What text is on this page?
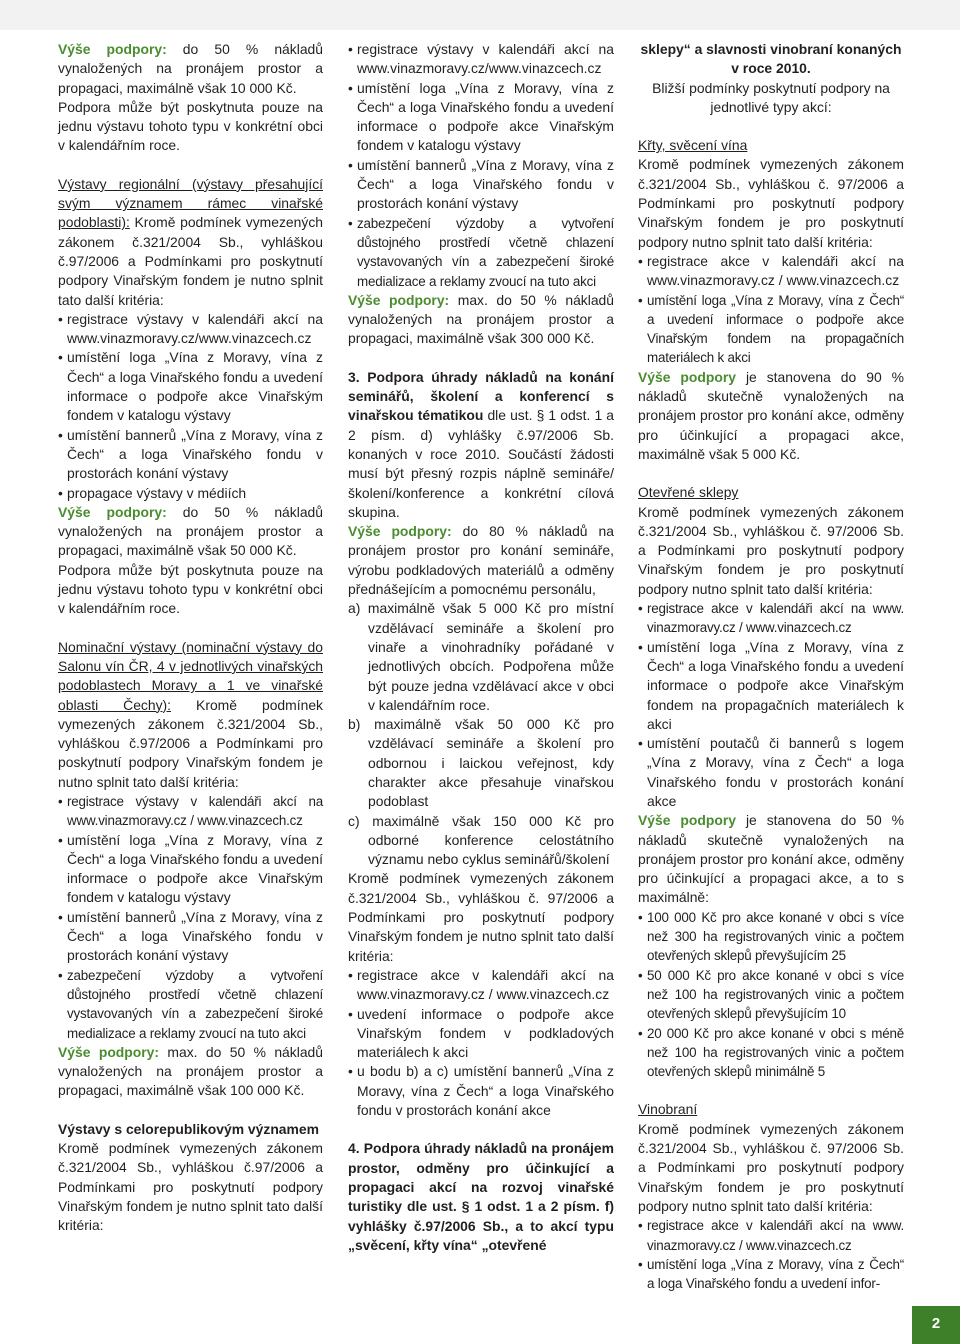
Výše podpory: do 50 % nákladů vynaložených na pronájem prostor a propagaci, maximálně však 10 000 Kč.

Podpora může být poskytnuta pouze na jednu výstavu tohoto typu v konkrétní obci v kalendářním roce.

Výstavy regionální (výstavy přesahující svým významem rámec vinařské podoblasti): Kromě podmínek vymezených zákonem č.321/2004 Sb., vyhláškou č.97/2006 a Podmínkami pro poskytnutí podpory Vinařským fondem je nutno splnit tato další kritéria:

• registrace výstavy v kalendáři akcí na www.vinazmoravy.cz/www.vinazcech.cz

• umístění loga „Vína z Moravy, vína z Čech“ a loga Vinařského fondu a uvedení informace o podpoře akce Vinařským fondem v katalogu výstavy

• umístění bannerů „Vína z Moravy, vína z Čech“ a loga Vinařského fondu v prostorách konání výstavy

• propagace výstavy v médiích

Výše podpory: do 50 % nákladů vynaložených na pronájem prostor a propagaci, maximálně však 50 000 Kč.

Podpora může být poskytnuta pouze na jednu výstavu tohoto typu v konkrétní obci v kalendářním roce.

Nominační výstavy (nominační výstavy do Salonu vín ČR, 4 v jednotlivých vinařských podoblastech Moravy a 1 ve vinařské oblasti Čechy): Kromě podmínek vymezených zákonem č.321/2004 Sb., vyhláškou č.97/2006 a Podmínkami pro poskytnutí podpory Vinařským fondem je nutno splnit tato další kritéria:

• registrace výstavy v kalendáři akcí na www.vinazmoravy.cz / www.vinazcech.cz

• umístění loga „Vína z Moravy, vína z Čech“ a loga Vinařského fondu a uvedení informace o podpoře akce Vinařským fondem v katalogu výstavy

• umístění bannerů „Vína z Moravy, vína z Čech“ a loga Vinařského fondu v prostorách konání výstavy

• zabezpečení výzdoby a vytvoření důstojného prostředí včetně chlazení vystavovaných vín a zabezpečení široké medializace a reklamy zvoucí na tuto akci

Výše podpory: max. do 50 % nákladů vynaložených na pronájem prostor a propagaci, maximálně však 100 000 Kč.

Výstavy s celorepublikovým významem

Kromě podmínek vymezených zákonem č.321/2004 Sb., vyhláškou č.97/2006 a Podmínkami pro poskytnutí podpory Vinařským fondem je nutno splnit tato další kritéria:

• registrace výstavy v kalendáři akcí na www.vinazmoravy.cz/www.vinazcech.cz

• umístění loga „Vína z Moravy, vína z Čech“ a loga Vinařského fondu a uvedení informace o podpoře akce Vinařským fondem v katalogu výstavy

• umístění bannerů „Vína z Moravy, vína z Čech“ a loga Vinařského fondu v prostorách konání výstavy

• zabezpečení výzdoby a vytvoření důstojného prostředí včetně chlazení vystavovaných vín a zabezpečení široké medializace a reklamy zvoucí na tuto akci

Výše podpory: max. do 50 % nákladů vynaložených na pronájem prostor a propagaci, maximálně však 300 000 Kč.

3. Podpora úhrady nákladů na konání seminářů, školení a konferencí s vinařskou tématikou dle ust. § 1 odst. 1 a 2 písm. d) vyhlášky č.97/2006 Sb. konaných v roce 2010. Součástí žádosti musí být přesný rozpis náplně semináře/školení/konference a konkrétní cílová skupina.

Výše podpory: do 80 % nákladů na pronájem prostor pro konání semináře, výrobu podkladových materiálů a odměny přednášejícím a pomocnému personálu,

a) maximálně však 5 000 Kč pro místní vzdělávací semináře a školení pro vinaře a vinohradníky pořádané v jednotlivých obcích. Podpořena může být pouze jedna vzdělávací akce v obci v kalendářním roce.

b) maximálně však 50 000 Kč pro vzdělávací semináře a školení pro odbornou i laickou veřejnost, kdy charakter akce přesahuje vinařskou podoblast

c) maximálně však 150 000 Kč pro odborné konference celostátního významu nebo cyklus seminářů/školení

Kromě podmínek vymezených zákonem č.321/2004 Sb., vyhláškou č. 97/2006 a Podmínkami pro poskytnutí podpory Vinařským fondem je nutno splnit tato další kritéria:

• registrace akce v kalendáři akcí na www.vinazmoravy.cz / www.vinazcech.cz

• uvedení informace o podpoře akce Vinařským fondem v podkladových materiálech k akci

• u bodu b) a c) umístění bannerů „Vína z Moravy, vína z Čech“ a loga Vinařského fondu v prostorách konání akce

4. Podpora úhrady nákladů na pronájem prostor, odměny pro účinkující a propagaci akcí na rozvoj vinařské turistiky dle ust. § 1 odst. 1 a 2 písm. f) vyhlášky č.97/2006 Sb., a to akcí typu „svěcení, křty vína“ „otevřené

sklepy“ a slavnosti vinobraní konaných v roce 2010.

Bližší podmínky poskytnutí podpory na jednotlivé typy akcí:

Křty, svěcení vína

Kromě podmínek vymezených zákonem č.321/2004 Sb., vyhláškou č. 97/2006 a Podmínkami pro poskytnutí podpory Vinařským fondem je pro poskytnutí podpory nutno splnit tato další kritéria:

• registrace akce v kalendáři akcí na www.vinazmoravy.cz / www.vinazcech.cz

• umístění loga „Vína z Moravy, vína z Čech“ a uvedení informace o podpoře akce Vinařským fondem na propagačních materiálech k akci

Výše podpory je stanovena do 90 % nákladů skutečně vynaložených na pronájem prostor pro konání akce, odměny pro účinkující a propagaci akce, maximálně však 5 000 Kč.

Otevřené sklepy

Kromě podmínek vymezených zákonem č.321/2004 Sb., vyhláškou č. 97/2006 Sb. a Podmínkami pro poskytnutí podpory Vinařským fondem je pro poskytnutí podpory nutno splnit tato další kritéria:

• registrace akce v kalendáři akcí na www. vinazmoravy.cz / www.vinazcech.cz

• umístění loga „Vína z Moravy, vína z Čech“ a loga Vinařského fondu a uvedení informace o podpoře akce Vinařským fondem na propagačních materiálech k akci

• umístění poutačů či bannerů s logem „Vína z Moravy, vína z Čech“ a loga Vinařského fondu v prostorách konání akce

Výše podpory je stanovena do 50 % nákladů skutečně vynaložených na pronájem prostor pro konání akce, odměny pro účinkující a propagaci akce, a to s maximálně:

• 100 000 Kč pro akce konané v obci s více než 300 ha registrovaných vinic a počtem otevřených sklepů převyšujícím 25

• 50 000 Kč pro akce konané v obci s více než 100 ha registrovaných vinic a počtem otevřených sklepů převyšujícím 10

• 20 000 Kč pro akce konané v obci s méně než 100 ha registrovaných vinic a počtem otevřených sklepů minimálně 5

Vinobraní

Kromě podmínek vymezených zákonem č.321/2004 Sb., vyhláškou č. 97/2006 Sb. a Podmínkami pro poskytnutí podpory Vinařským fondem je pro poskytnutí podpory nutno splnit tato další kritéria:

• registrace akce v kalendáři akcí na www. vinazmoravy.cz / www.vinazcech.cz

• umístění loga „Vína z Moravy, vína z Čech“ a loga Vinařského fondu a uvedení infor-

2
